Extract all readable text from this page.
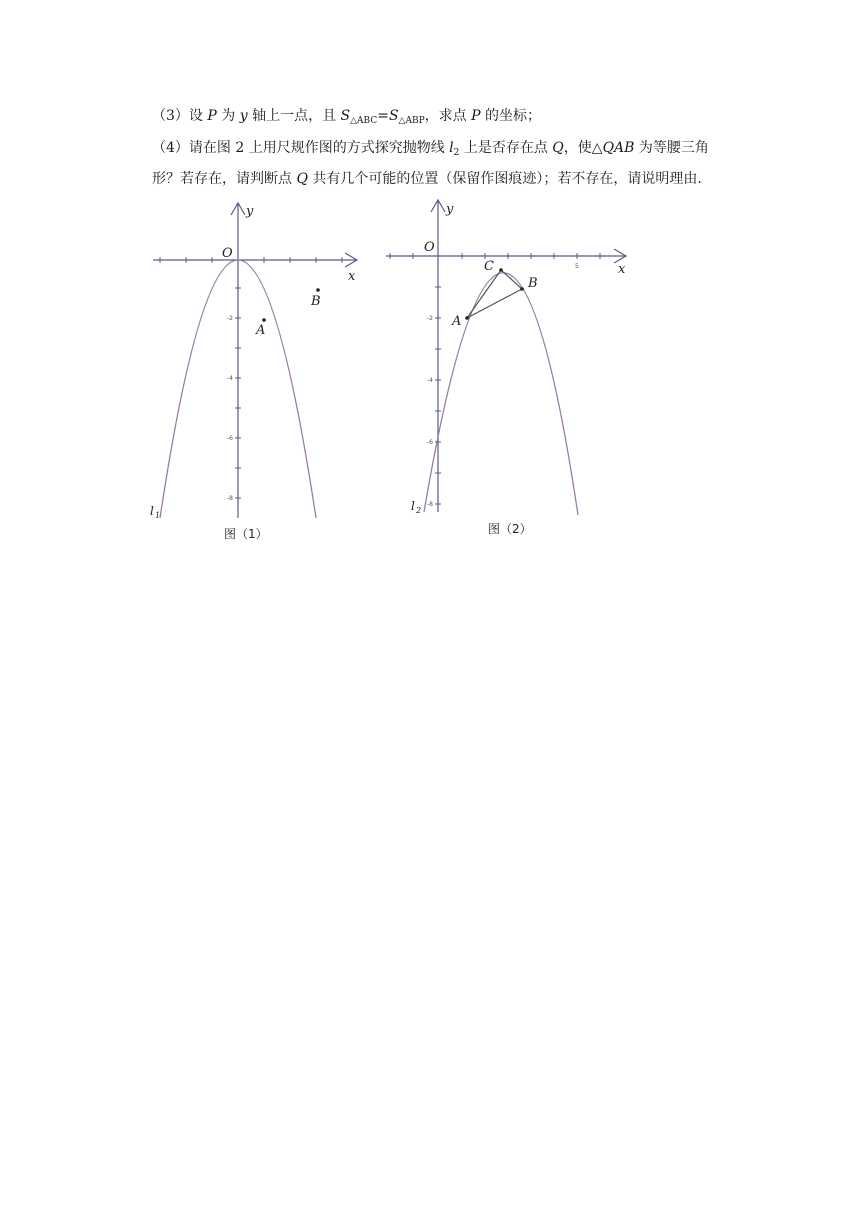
（3）设 P 为 y 轴上一点，且 $S_{\triangle ABC}=S_{\triangle ABP}$，求点 P 的坐标；
（4）请在图 2 上用尺规作图的方式探究抛物线 $l_2$ 上是否存在点 Q，使△QAB 为等腰三角
形？若存在，请判断点 Q 共有几个可能的位置（保留作图痕迹）；若不存在，请说明理由.
O
y
x
A
B
-2
-4
-6
-8
l 1
图（1）
O
y
x
5
A
C
B
-2
-4
-6
-8
l 2
图（2）
